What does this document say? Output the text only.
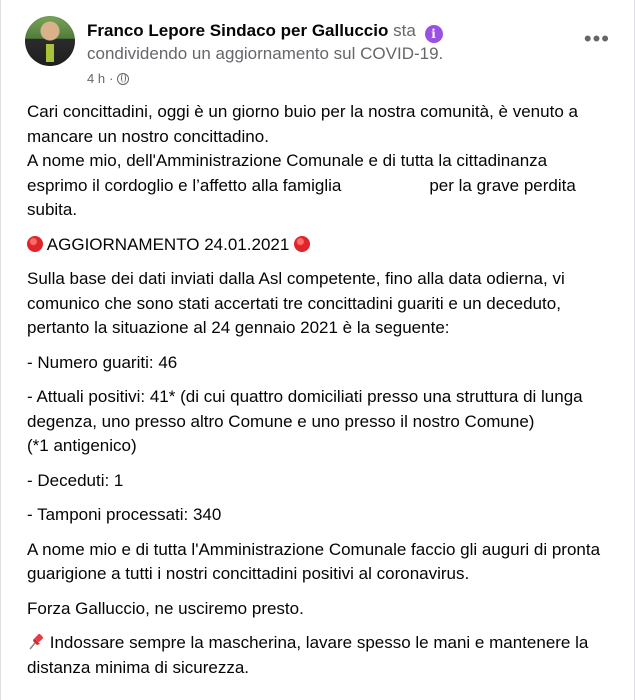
Franco Lepore Sindaco per Galluccio sta i
condividendo un aggiornamento sul COVID-19.
4 h ·
•••

Cari concittadini, oggi è un giorno buio per la nostra comunità, è venuto a mancare un nostro concittadino.
A nome mio, dell'Amministrazione Comunale e di tutta la cittadinanza esprimo il cordoglio e l’affetto alla famiglia	per la grave perdita subita.

AGGIORNAMENTO 24.01.2021

Sulla base dei dati inviati dalla Asl competente, fino alla data odierna, vi comunico che sono stati accertati tre concittadini guariti e un deceduto, pertanto la situazione al 24 gennaio 2021 è la seguente:

- Numero guariti: 46

- Attuali positivi: 41* (di cui quattro domiciliati presso una struttura di lunga degenza, uno presso altro Comune e uno presso il nostro Comune)
(*1 antigenico)

- Deceduti: 1

- Tamponi processati: 340

A nome mio e di tutta l'Amministrazione Comunale faccio gli auguri di pronta guarigione a tutti i nostri concittadini positivi al coronavirus.

Forza Galluccio, ne usciremo presto.

Indossare sempre la mascherina, lavare spesso le mani e mantenere la distanza minima di sicurezza.
